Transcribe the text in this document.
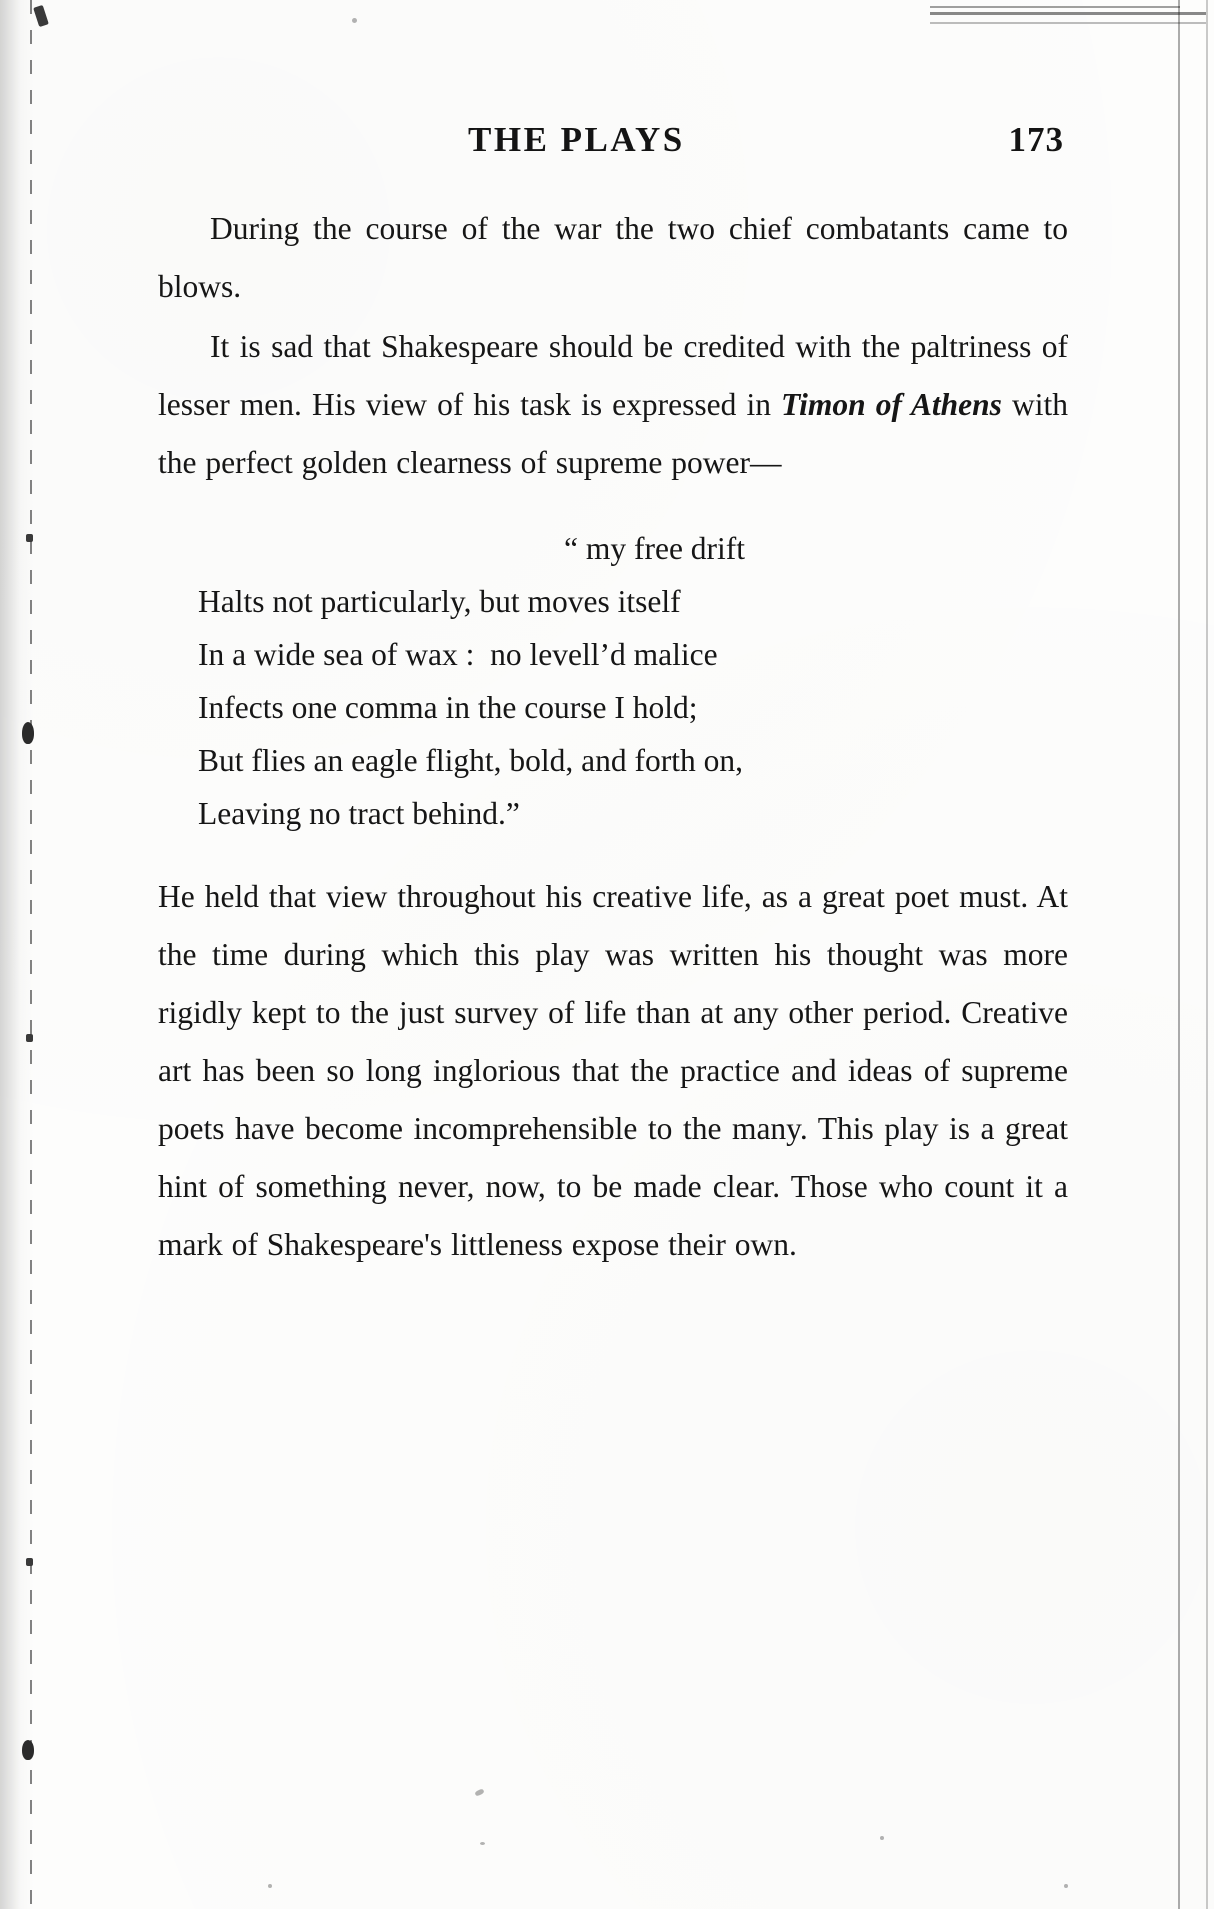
THE PLAYS	173

During the course of the war the two chief combatants came to blows.

It is sad that Shakespeare should be credited with the paltriness of lesser men. His view of his task is expressed in Timon of Athens with the perfect golden clearness of supreme power—

“ my free drift
Halts not particularly, but moves itself
In a wide sea of wax :  no levell’d malice
Infects one comma in the course I hold;
But flies an eagle flight, bold, and forth on,
Leaving no tract behind.”

He held that view throughout his creative life, as a great poet must. At the time during which this play was written his thought was more rigidly kept to the just survey of life than at any other period. Creative art has been so long inglorious that the practice and ideas of supreme poets have become incomprehensible to the many. This play is a great hint of something never, now, to be made clear. Those who count it a mark of Shakespeare's littleness expose their own.
